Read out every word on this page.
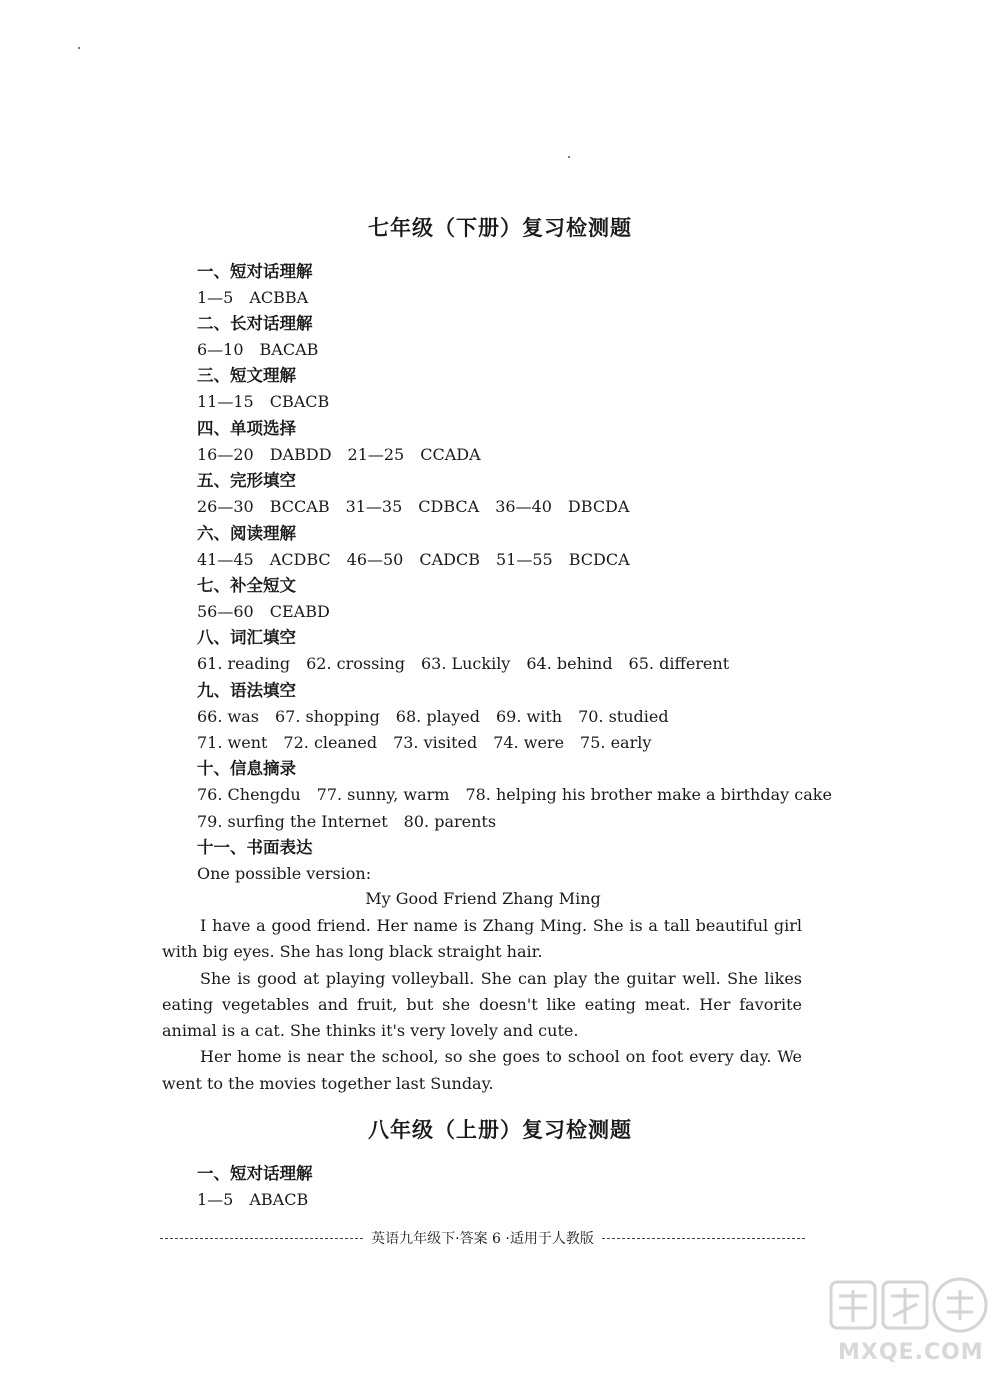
七年级（下册）复习检测题
一、短对话理解
1—5　ACBBA
二、长对话理解
6—10　BACAB
三、短文理解
11—15　CBACB
四、单项选择
16—20　DABDD　21—25　CCADA
五、完形填空
26—30　BCCAB　31—35　CDBCA　36—40　DBCDA
六、阅读理解
41—45　ACDBC　46—50　CADCB　51—55　BCDCA
七、补全短文
56—60　CEABD
八、词汇填空
61. reading　62. crossing　63. Luckily　64. behind　65. different
九、语法填空
66. was　67. shopping　68. played　69. with　70. studied
71. went　72. cleaned　73. visited　74. were　75. early
十、信息摘录
76. Chengdu　77. sunny, warm　78. helping his brother make a birthday cake
79. surfing the Internet　80. parents
十一、书面表达
One possible version:
My Good Friend Zhang Ming

I have a good friend. Her name is Zhang Ming. She is a tall beautiful girl with big eyes. She has long black straight hair.

She is good at playing volleyball. She can play the guitar well. She likes eating vegetables and fruit, but she doesn't like eating meat. Her favorite animal is a cat. She thinks it's very lovely and cute.

Her home is near the school, so she goes to school on foot every day. We went to the movies together last Sunday.

八年级（上册）复习检测题
一、短对话理解
1—5　ABACB
英语九年级下·答案 6 ·适用于人教版
MXQE.COM
